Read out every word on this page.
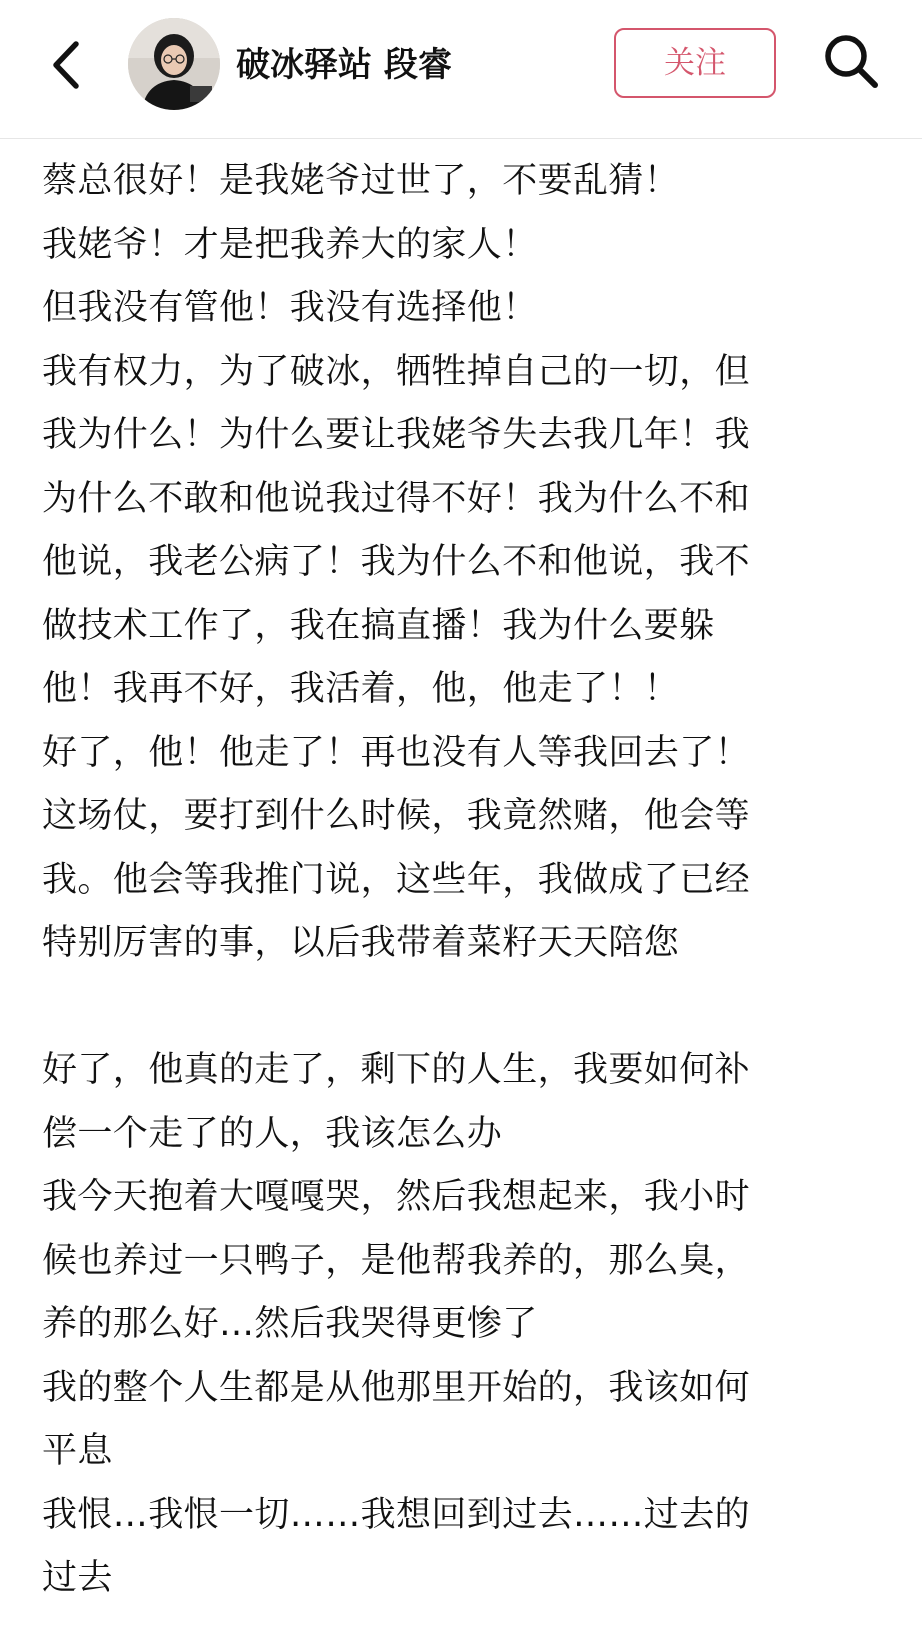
破冰驿站 段睿	关注
蔡总很好！是我姥爷过世了，不要乱猜！
我姥爷！才是把我养大的家人！
但我没有管他！我没有选择他！
我有权力，为了破冰，牺牲掉自己的一切，但
我为什么！为什么要让我姥爷失去我几年！我
为什么不敢和他说我过得不好！我为什么不和
他说，我老公病了！我为什么不和他说，我不
做技术工作了，我在搞直播！我为什么要躲
他！我再不好，我活着，他，他走了！！
好了，他！他走了！再也没有人等我回去了！
这场仗，要打到什么时候，我竟然赌，他会等
我。他会等我推门说，这些年，我做成了已经
特别厉害的事，以后我带着菜籽天天陪您
好了，他真的走了，剩下的人生，我要如何补
偿一个走了的人，我该怎么办
我今天抱着大嘎嘎哭，然后我想起来，我小时
候也养过一只鸭子，是他帮我养的，那么臭，
养的那么好…然后我哭得更惨了
我的整个人生都是从他那里开始的，我该如何
平息
我恨…我恨一切……我想回到过去……过去的
过去
